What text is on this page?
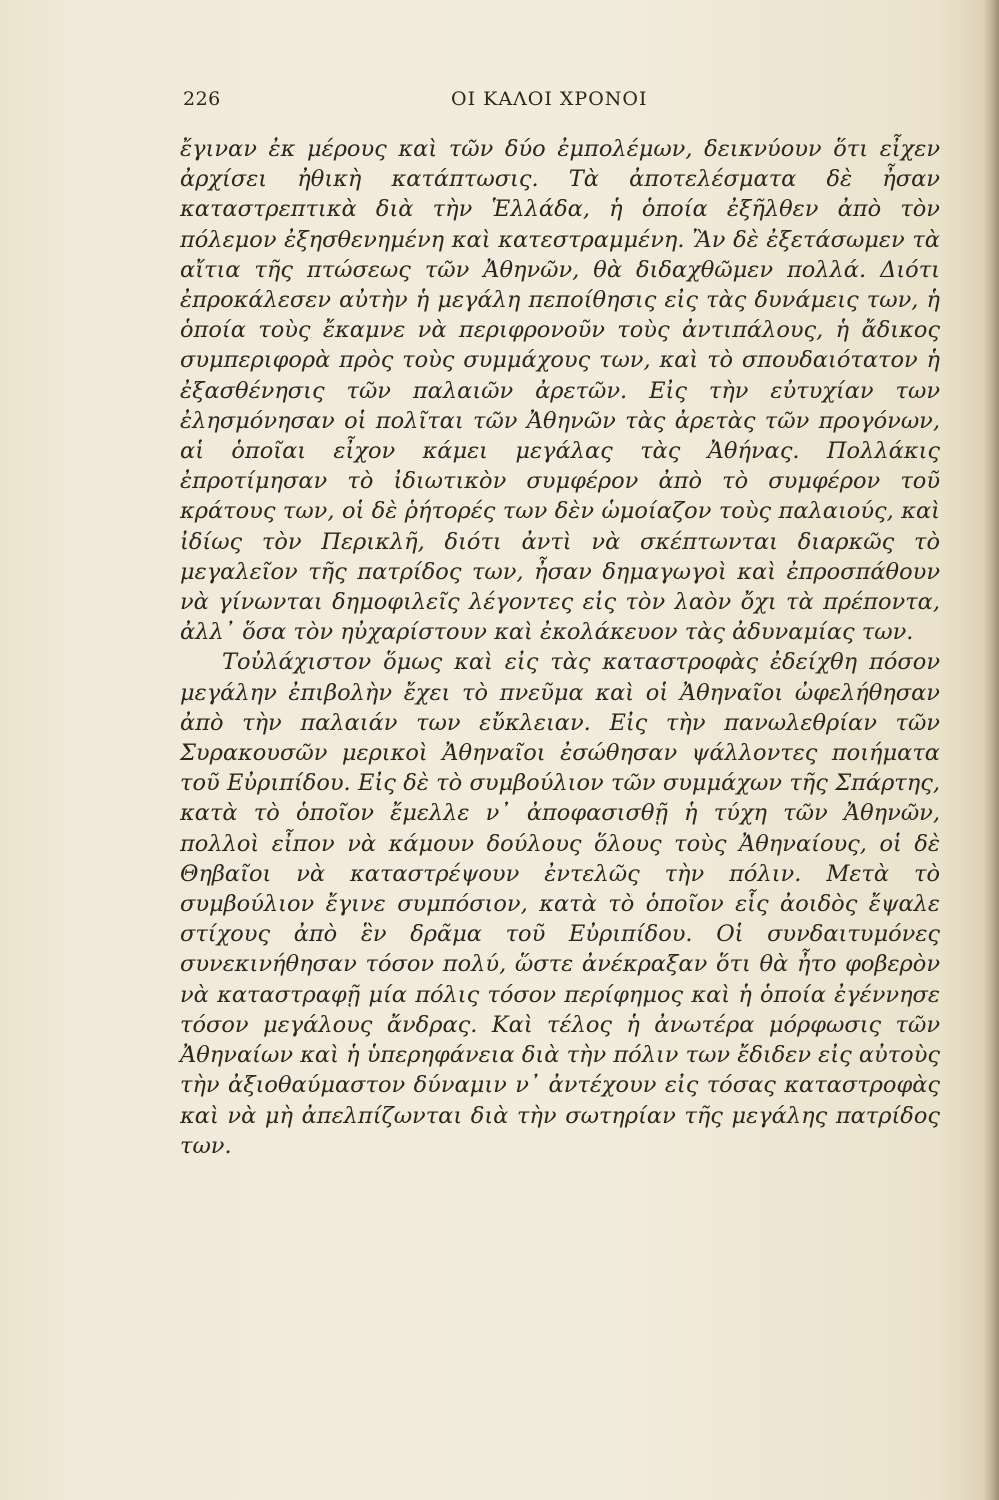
226	ΟΙ ΚΑΛΟΙ ΧΡΟΝΟΙ

ἔγιναν ἐκ μέρους καὶ τῶν δύο ἐμπολέμων, δεικνύουν ὅτι εἶχεν ἀρχίσει ἠθικὴ κατάπτωσις. Τὰ ἀποτελέσματα δὲ ἦσαν καταστρεπτικὰ διὰ τὴν Ἑλλάδα, ἡ ὁποία ἐξῆλθεν ἀπὸ τὸν πόλεμον ἐξησθενημένη καὶ κατεστραμμένη. Ἂν δὲ ἐξετάσωμεν τὰ αἴτια τῆς πτώσεως τῶν Ἀθηνῶν, θὰ διδαχθῶμεν πολλά. Διότι ἐπροκάλεσεν αὐτὴν ἡ μεγάλη πεποίθησις εἰς τὰς δυνάμεις των, ἡ ὁποία τοὺς ἔκαμνε νὰ περιφρονοῦν τοὺς ἀντιπάλους, ἡ ἄδικος συμπεριφορὰ πρὸς τοὺς συμμάχους των, καὶ τὸ σπουδαιότατον ἡ ἐξασθένησις τῶν παλαιῶν ἀρετῶν. Εἰς τὴν εὐτυχίαν των ἐλησμόνησαν οἱ πολῖται τῶν Ἀθηνῶν τὰς ἀρετὰς τῶν προγόνων, αἱ ὁποῖαι εἶχον κάμει μεγάλας τὰς Ἀθήνας. Πολλάκις ἐπροτίμησαν τὸ ἰδιωτικὸν συμφέρον ἀπὸ τὸ συμφέρον τοῦ κράτους των, οἱ δὲ ῥήτορές των δὲν ὡμοίαζον τοὺς παλαιούς, καὶ ἰδίως τὸν Περικλῆ, διότι ἀντὶ νὰ σκέπτωνται διαρκῶς τὸ μεγαλεῖον τῆς πατρίδος των, ἦσαν δημαγωγοὶ καὶ ἐπροσπάθουν νὰ γίνωνται δημοφιλεῖς λέγοντες εἰς τὸν λαὸν ὄχι τὰ πρέποντα, ἀλλ᾽ ὅσα τὸν ηὐχαρίστουν καὶ ἐκολάκευον τὰς ἀδυναμίας των.

Τοὐλάχιστον ὅμως καὶ εἰς τὰς καταστροφὰς ἐδείχθη πόσον μεγάλην ἐπιβολὴν ἔχει τὸ πνεῦμα καὶ οἱ Ἀθηναῖοι ὠφελήθησαν ἀπὸ τὴν παλαιάν των εὔκλειαν. Εἰς τὴν πανωλεθρίαν τῶν Συρακουσῶν μερικοὶ Ἀθηναῖοι ἐσώθησαν ψάλλοντες ποιήματα τοῦ Εὐριπίδου. Εἰς δὲ τὸ συμβούλιον τῶν συμμάχων τῆς Σπάρτης, κατὰ τὸ ὁποῖον ἔμελλε ν᾽ ἀποφασισθῇ ἡ τύχη τῶν Ἀθηνῶν, πολλοὶ εἶπον νὰ κάμουν δούλους ὅλους τοὺς Ἀθηναίους, οἱ δὲ Θηβαῖοι νὰ καταστρέψουν ἐντελῶς τὴν πόλιν. Μετὰ τὸ συμβούλιον ἔγινε συμπόσιον, κατὰ τὸ ὁποῖον εἷς ἀοιδὸς ἔψαλε στίχους ἀπὸ ἓν δρᾶμα τοῦ Εὐριπίδου. Οἱ συνδαιτυμόνες συνεκινήθησαν τόσον πολύ, ὥστε ἀνέκραξαν ὅτι θὰ ἦτο φοβερὸν νὰ καταστραφῇ μία πόλις τόσον περίφημος καὶ ἡ ὁποία ἐγέννησε τόσον μεγάλους ἄνδρας. Καὶ τέλος ἡ ἀνωτέρα μόρφωσις τῶν Ἀθηναίων καὶ ἡ ὑπερηφάνεια διὰ τὴν πόλιν των ἔδιδεν εἰς αὐτοὺς τὴν ἀξιοθαύμαστον δύναμιν ν᾽ ἀντέχουν εἰς τόσας καταστροφὰς καὶ νὰ μὴ ἀπελπίζωνται διὰ τὴν σωτηρίαν τῆς μεγάλης πατρίδος των.
